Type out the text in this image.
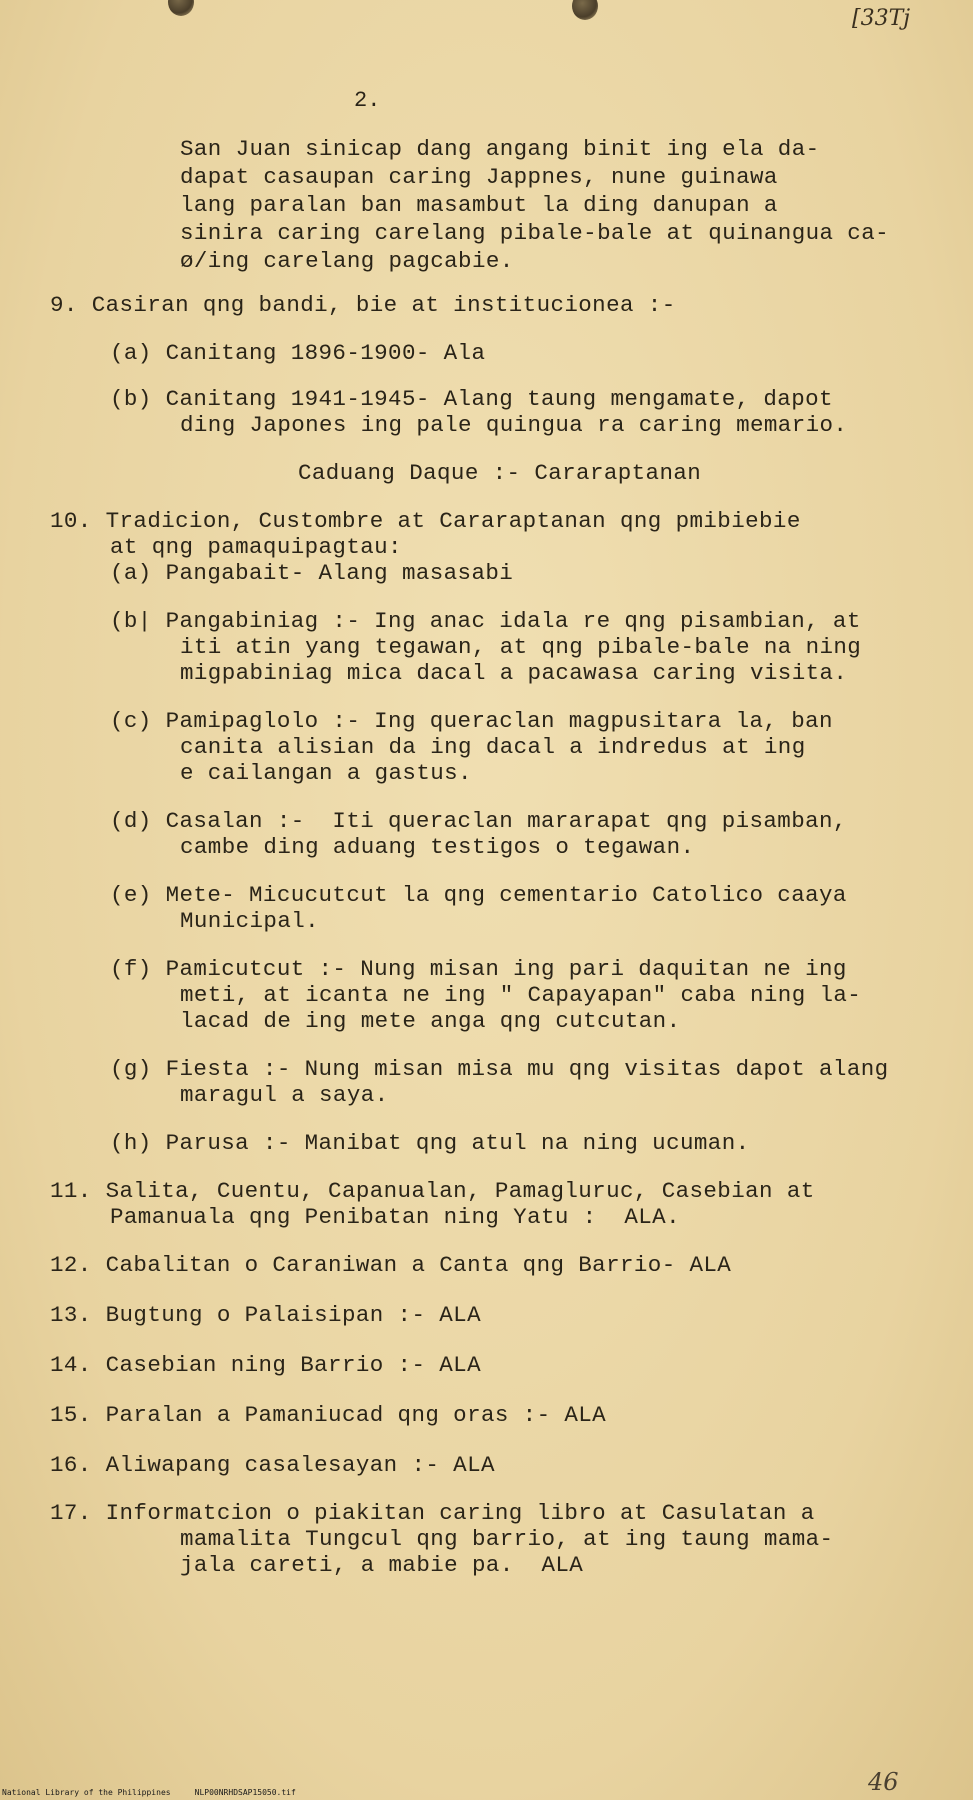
[33Tj
2.
San Juan sinicap dang angang binit ing ela da-
dapat casaupan caring Jappnes, nune guinawa
lang paralan ban masambut la ding danupan a
sinira caring carelang pibale-bale at quinangua ca-
ø/ing carelang pagcabie.
9. Casiran qng bandi, bie at institucionea :-
(a) Canitang 1896-1900- Ala
(b) Canitang 1941-1945- Alang taung mengamate, dapot
ding Japones ing pale quingua ra caring memario.
Caduang Daque :- Cararaptanan
10. Tradicion, Custombre at Cararaptanan qng pmibiebie
at qng pamaquipagtau:
(a) Pangabait- Alang masasabi
(b| Pangabiniag :- Ing anac idala re qng pisambian, at
iti atin yang tegawan, at qng pibale-bale na ning
migpabiniag mica dacal a pacawasa caring visita.
(c) Pamipaglolo :- Ing queraclan magpusitara la, ban
canita alisian da ing dacal a indredus at ing
e cailangan a gastus.
(d) Casalan :-  Iti queraclan mararapat qng pisamban,
cambe ding aduang testigos o tegawan.
(e) Mete- Micucutcut la qng cementario Catolico caaya
Municipal.
(f) Pamicutcut :- Nung misan ing pari daquitan ne ing
meti, at icanta ne ing " Capayapan" caba ning la-
lacad de ing mete anga qng cutcutan.
(g) Fiesta :- Nung misan misa mu qng visitas dapot alang
maragul a saya.
(h) Parusa :- Manibat qng atul na ning ucuman.
11. Salita, Cuentu, Capanualan, Pamagluruc, Casebian at
Pamanuala qng Penibatan ning Yatu :  ALA.
12. Cabalitan o Caraniwan a Canta qng Barrio- ALA
13. Bugtung o Palaisipan :- ALA
14. Casebian ning Barrio :- ALA
15. Paralan a Pamaniucad qng oras :- ALA
16. Aliwapang casalesayan :- ALA
17. Informatcion o piakitan caring libro at Casulatan a
mamalita Tungcul qng barrio, at ing taung mama-
jala careti, a mabie pa.  ALA
46
National Library of the Philippines     NLP00NRHDSAP15050.tif
